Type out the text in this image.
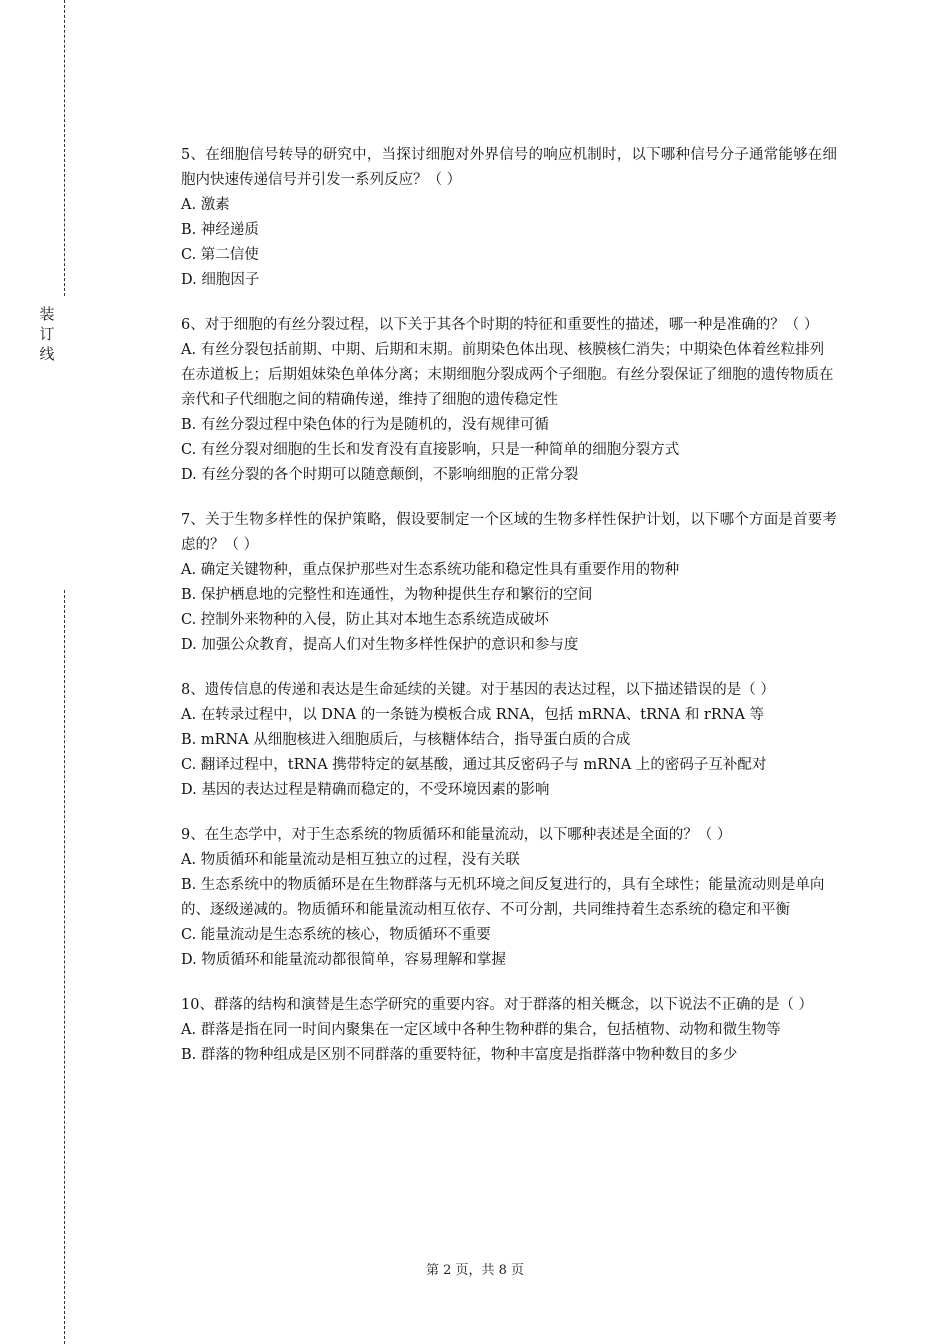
装
订
线
5、在细胞信号转导的研究中，当探讨细胞对外界信号的响应机制时，以下哪种信号分子通常能够在细胞内快速传递信号并引发一系列反应？（ ）
A. 激素
B. 神经递质
C. 第二信使
D. 细胞因子
6、对于细胞的有丝分裂过程，以下关于其各个时期的特征和重要性的描述，哪一种是准确的？（ ）
A. 有丝分裂包括前期、中期、后期和末期。前期染色体出现、核膜核仁消失；中期染色体着丝粒排列在赤道板上；后期姐妹染色单体分离；末期细胞分裂成两个子细胞。有丝分裂保证了细胞的遗传物质在亲代和子代细胞之间的精确传递，维持了细胞的遗传稳定性
B. 有丝分裂过程中染色体的行为是随机的，没有规律可循
C. 有丝分裂对细胞的生长和发育没有直接影响，只是一种简单的细胞分裂方式
D. 有丝分裂的各个时期可以随意颠倒，不影响细胞的正常分裂
7、关于生物多样性的保护策略，假设要制定一个区域的生物多样性保护计划，以下哪个方面是首要考虑的？（ ）
A. 确定关键物种，重点保护那些对生态系统功能和稳定性具有重要作用的物种
B. 保护栖息地的完整性和连通性，为物种提供生存和繁衍的空间
C. 控制外来物种的入侵，防止其对本地生态系统造成破坏
D. 加强公众教育，提高人们对生物多样性保护的意识和参与度
8、遗传信息的传递和表达是生命延续的关键。对于基因的表达过程，以下描述错误的是（ ）
A. 在转录过程中，以 DNA 的一条链为模板合成 RNA，包括 mRNA、tRNA 和 rRNA 等
B. mRNA 从细胞核进入细胞质后，与核糖体结合，指导蛋白质的合成
C. 翻译过程中，tRNA 携带特定的氨基酸，通过其反密码子与 mRNA 上的密码子互补配对
D. 基因的表达过程是精确而稳定的，不受环境因素的影响
9、在生态学中，对于生态系统的物质循环和能量流动，以下哪种表述是全面的？（ ）
A. 物质循环和能量流动是相互独立的过程，没有关联
B. 生态系统中的物质循环是在生物群落与无机环境之间反复进行的，具有全球性；能量流动则是单向的、逐级递减的。物质循环和能量流动相互依存、不可分割，共同维持着生态系统的稳定和平衡
C. 能量流动是生态系统的核心，物质循环不重要
D. 物质循环和能量流动都很简单，容易理解和掌握
10、群落的结构和演替是生态学研究的重要内容。对于群落的相关概念，以下说法不正确的是（ ）
A. 群落是指在同一时间内聚集在一定区域中各种生物种群的集合，包括植物、动物和微生物等
B. 群落的物种组成是区别不同群落的重要特征，物种丰富度是指群落中物种数目的多少
第 2 页，共 8 页
